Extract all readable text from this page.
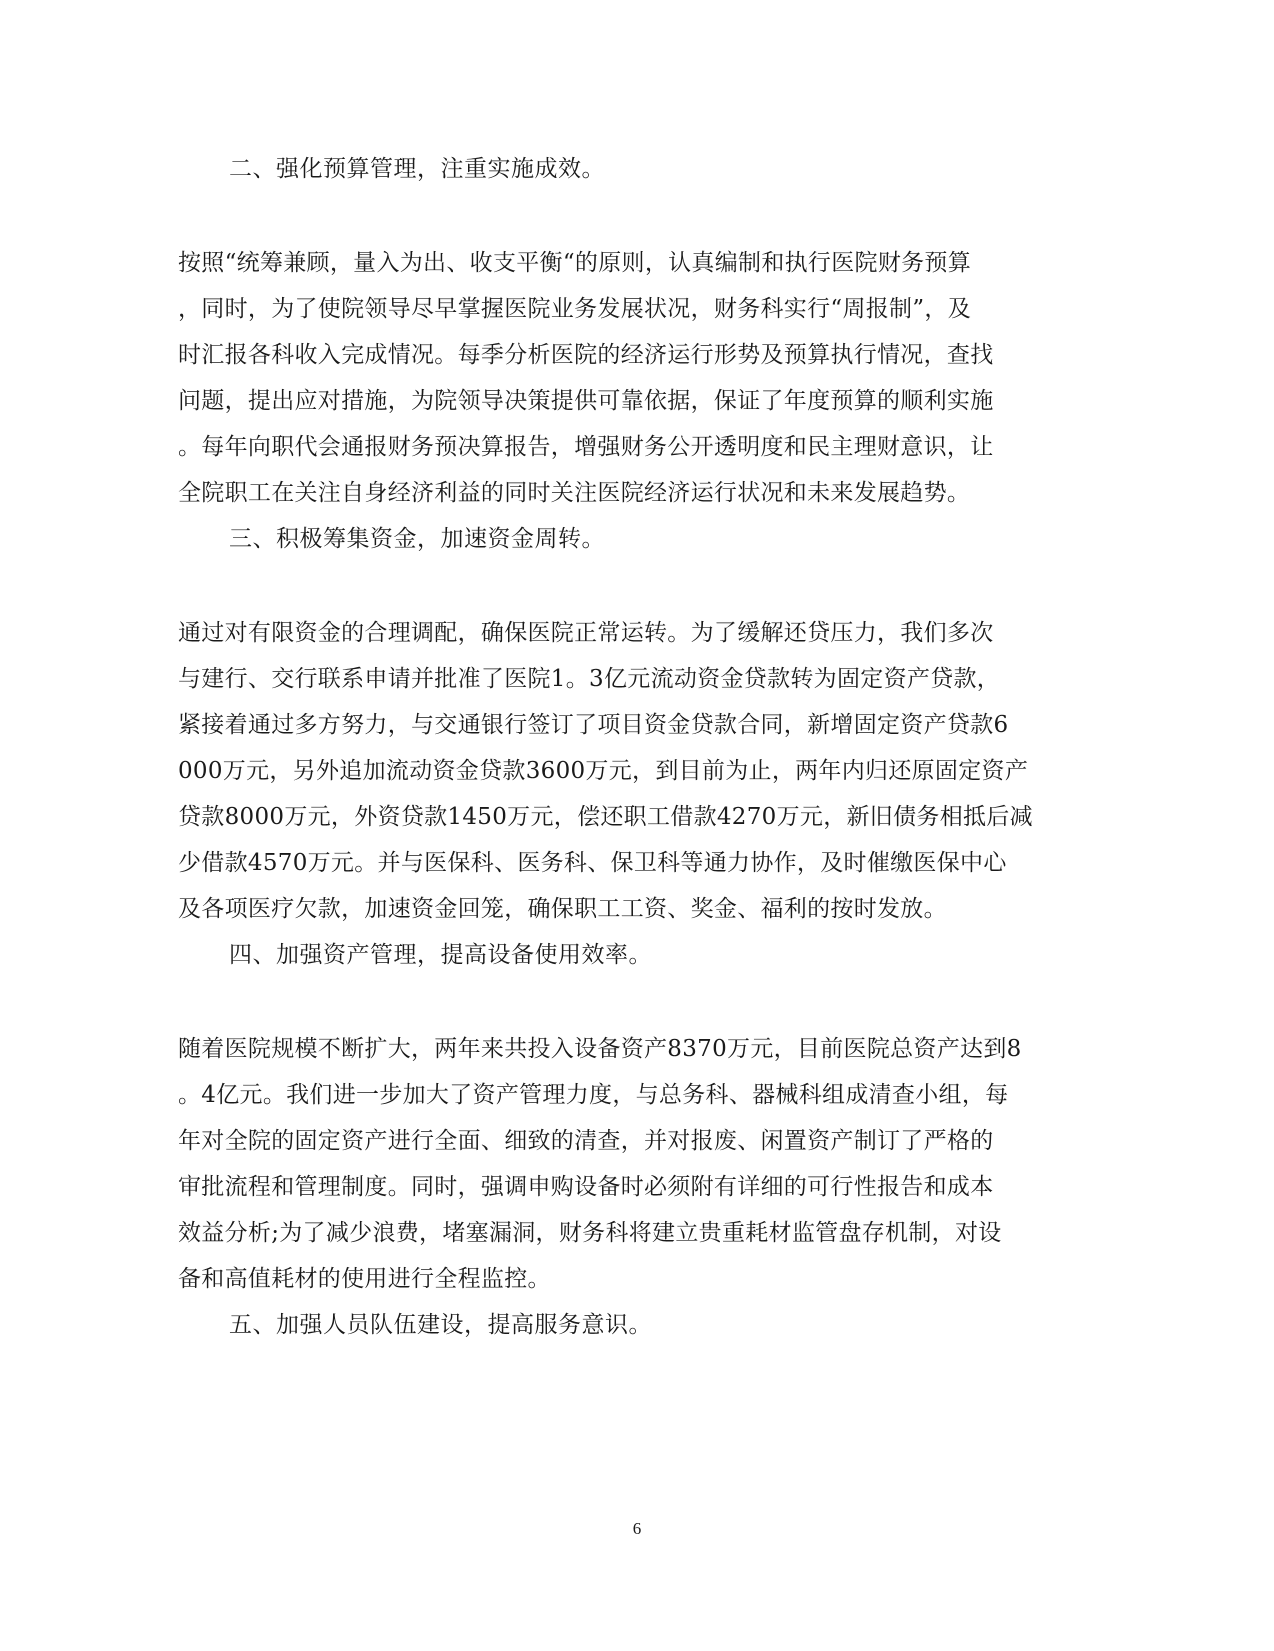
二、强化预算管理，注重实施成效。
按照“统筹兼顾，量入为出、收支平衡“的原则，认真编制和执行医院财务预算
，同时，为了使院领导尽早掌握医院业务发展状况，财务科实行“周报制”，及
时汇报各科收入完成情况。每季分析医院的经济运行形势及预算执行情况，查找
问题，提出应对措施，为院领导决策提供可靠依据，保证了年度预算的顺利实施
。每年向职代会通报财务预决算报告，增强财务公开透明度和民主理财意识，让
全院职工在关注自身经济利益的同时关注医院经济运行状况和未来发展趋势。
三、积极筹集资金，加速资金周转。
通过对有限资金的合理调配，确保医院正常运转。为了缓解还贷压力，我们多次
与建行、交行联系申请并批准了医院1。3亿元流动资金贷款转为固定资产贷款，
紧接着通过多方努力，与交通银行签订了项目资金贷款合同，新增固定资产贷款6
000万元，另外追加流动资金贷款3600万元，到目前为止，两年内归还原固定资产
贷款8000万元，外资贷款1450万元，偿还职工借款4270万元，新旧债务相抵后减
少借款4570万元。并与医保科、医务科、保卫科等通力协作，及时催缴医保中心
及各项医疗欠款，加速资金回笼，确保职工工资、奖金、福利的按时发放。
四、加强资产管理，提高设备使用效率。
随着医院规模不断扩大，两年来共投入设备资产8370万元，目前医院总资产达到8
。4亿元。我们进一步加大了资产管理力度，与总务科、器械科组成清查小组，每
年对全院的固定资产进行全面、细致的清查，并对报废、闲置资产制订了严格的
审批流程和管理制度。同时，强调申购设备时必须附有详细的可行性报告和成本
效益分析;为了减少浪费，堵塞漏洞，财务科将建立贵重耗材监管盘存机制，对设
备和高值耗材的使用进行全程监控。
五、加强人员队伍建设，提高服务意识。
6
